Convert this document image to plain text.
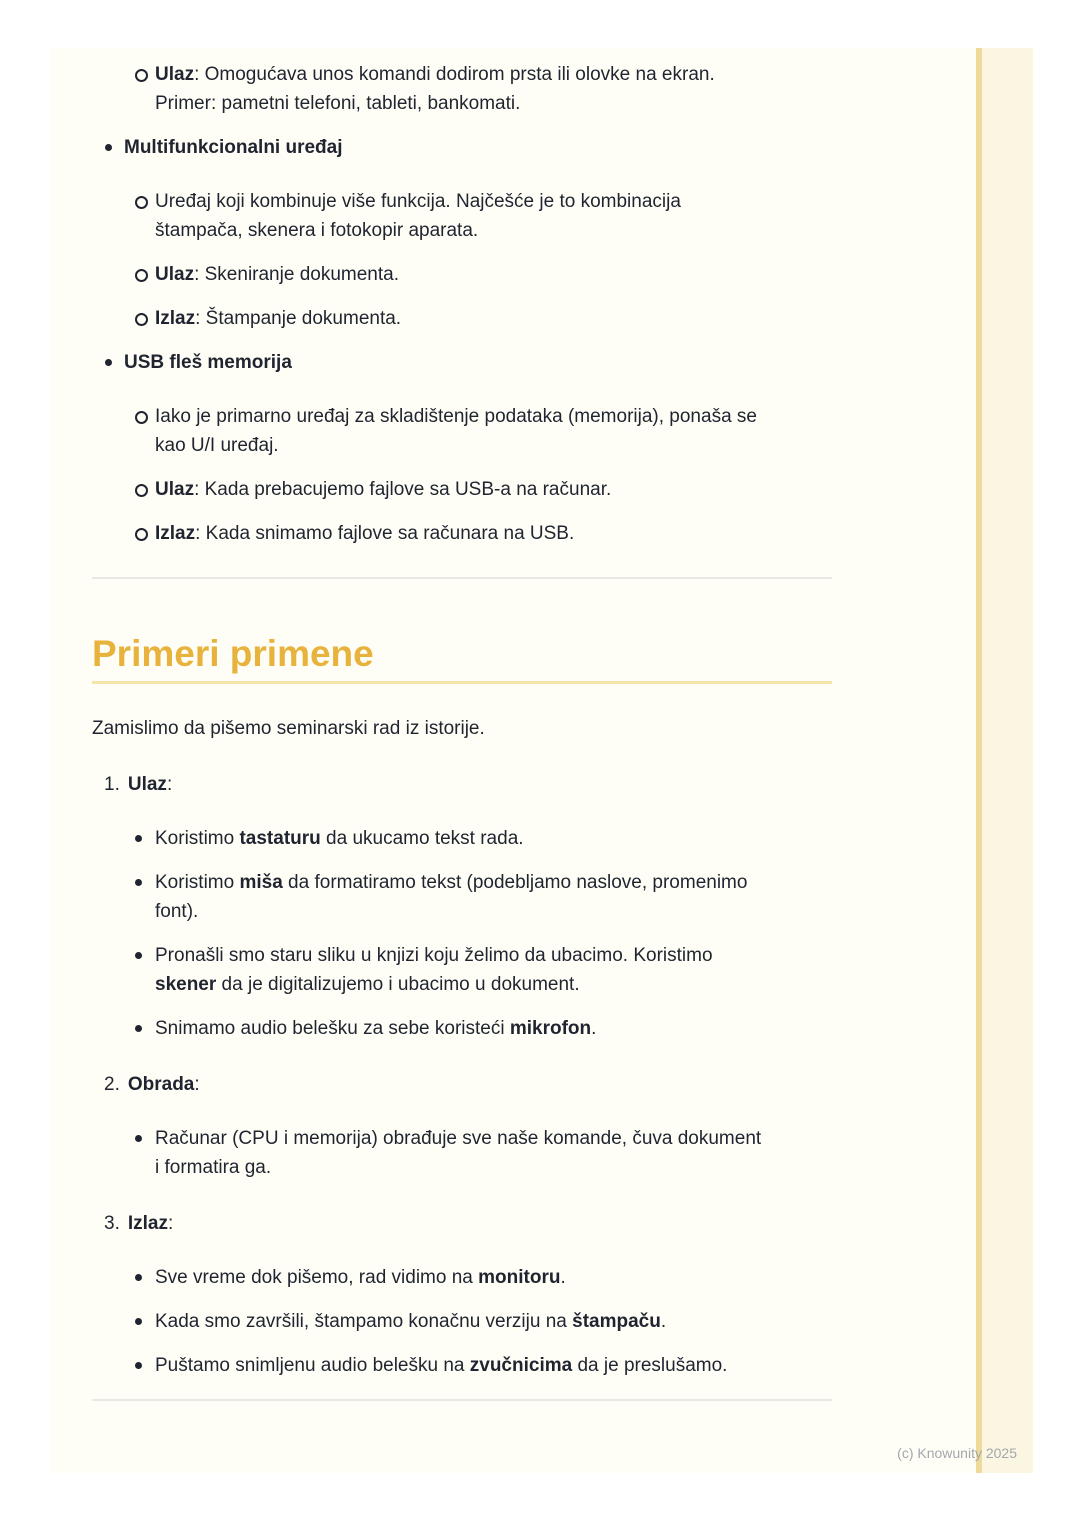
Ulaz: Omogućava unos komandi dodirom prsta ili olovke na ekran.
Primer: pametni telefoni, tableti, bankomati.
Multifunkcionalni uređaj
Uređaj koji kombinuje više funkcija. Najčešće je to kombinacija
štampača, skenera i fotokopir aparata.
Ulaz: Skeniranje dokumenta.
Izlaz: Štampanje dokumenta.
USB fleš memorija
Iako je primarno uređaj za skladištenje podataka (memorija), ponaša se
kao U/I uređaj.
Ulaz: Kada prebacujemo fajlove sa USB-a na računar.
Izlaz: Kada snimamo fajlove sa računara na USB.
Primeri primene

Zamislimo da pišemo seminarski rad iz istorije.

1. Ulaz:
Koristimo tastaturu da ukucamo tekst rada.
Koristimo miša da formatiramo tekst (podebljamo naslove, promenimo
font).
Pronašli smo staru sliku u knjizi koju želimo da ubacimo. Koristimo
skener da je digitalizujemo i ubacimo u dokument.
Snimamo audio belešku za sebe koristeći mikrofon.
2. Obrada:
Računar (CPU i memorija) obrađuje sve naše komande, čuva dokument
i formatira ga.
3. Izlaz:
Sve vreme dok pišemo, rad vidimo na monitoru.
Kada smo završili, štampamo konačnu verziju na štampaču.
Puštamo snimljenu audio belešku na zvučnicima da je preslušamo.
(c) Knowunity 2025
